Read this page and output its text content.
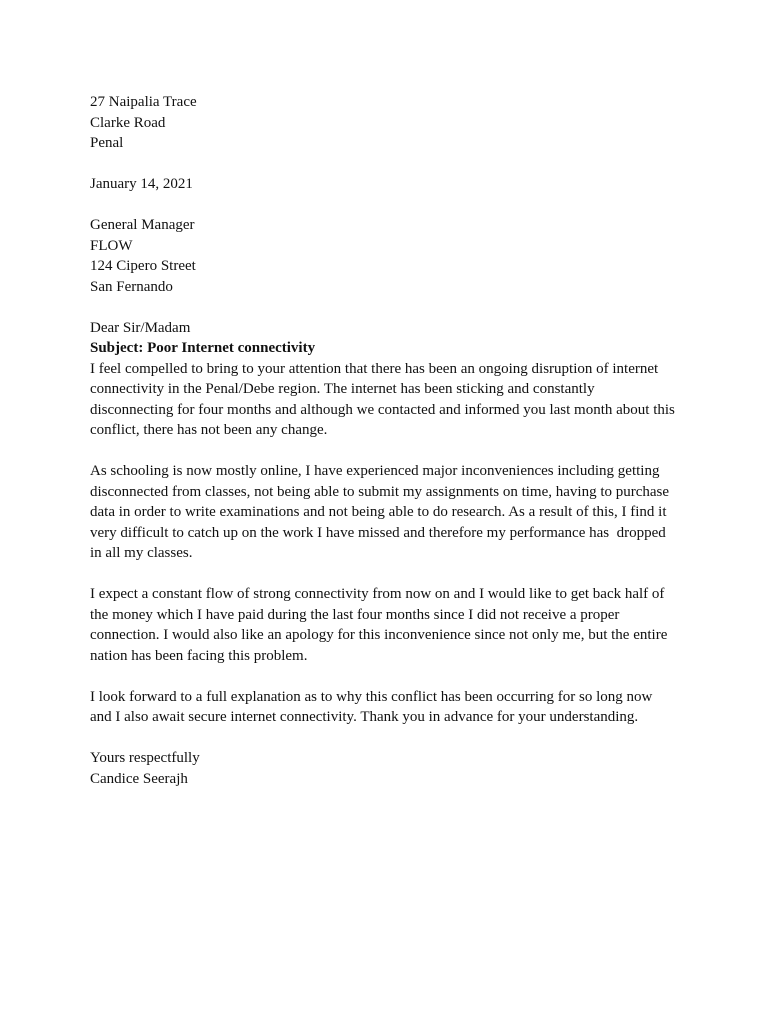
27 Naipalia Trace
Clarke Road
Penal
January 14, 2021
General Manager
FLOW
124 Cipero Street
San Fernando
Dear Sir/Madam
Subject: Poor Internet connectivity
I feel compelled to bring to your attention that there has been an ongoing disruption of internet
connectivity in the Penal/Debe region. The internet has been sticking and constantly
disconnecting for four months and although we contacted and informed you last month about this
conflict, there has not been any change.
As schooling is now mostly online, I have experienced major inconveniences including getting
disconnected from classes, not being able to submit my assignments on time, having to purchase
data in order to write examinations and not being able to do research. As a result of this, I find it
very difficult to catch up on the work I have missed and therefore my performance has  dropped
in all my classes.
I expect a constant flow of strong connectivity from now on and I would like to get back half of
the money which I have paid during the last four months since I did not receive a proper
connection. I would also like an apology for this inconvenience since not only me, but the entire
nation has been facing this problem.
I look forward to a full explanation as to why this conflict has been occurring for so long now
and I also await secure internet connectivity. Thank you in advance for your understanding.
Yours respectfully
Candice Seerajh
